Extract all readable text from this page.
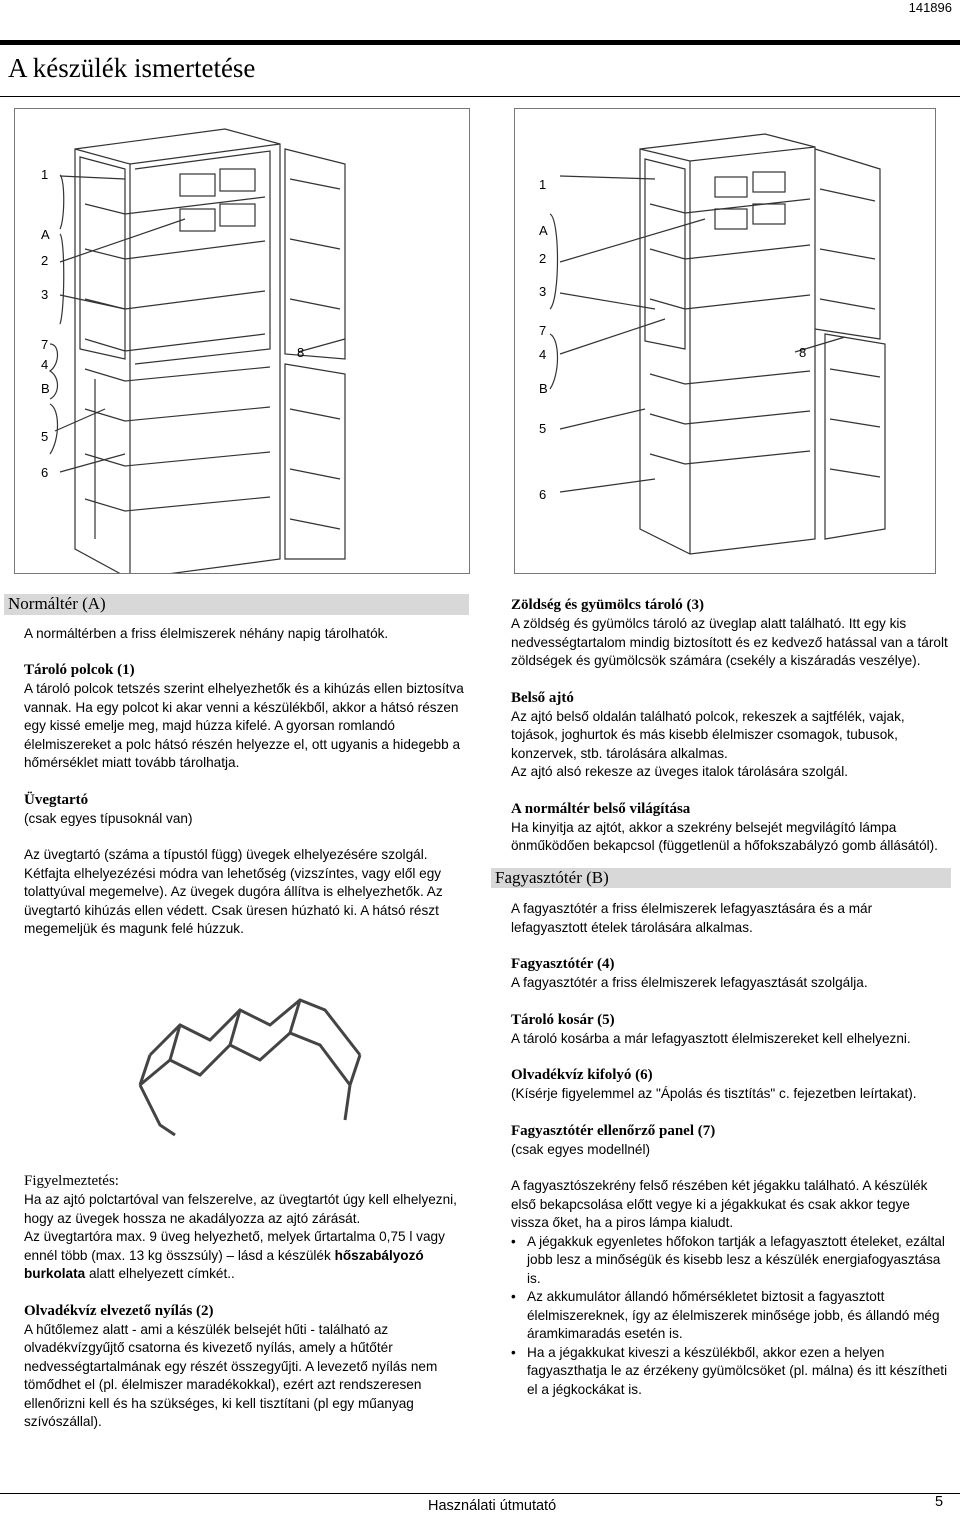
141896
A készülék ismertetése
1
A
2
3
7
4
B
5
6
8
1
A
2
3
7
4
B
5
6
8
Normáltér (A)

A normáltérben a friss élelmiszerek néhány napig tárolhatók.

Tároló polcok (1)

A tároló polcok tetszés szerint elhelyezhetők és a kihúzás ellen biztosítva vannak. Ha egy polcot ki akar venni a készülékből, akkor a hátsó részen egy kissé emelje meg, majd húzza kifelé. A gyorsan romlandó élelmiszereket a polc hátsó részén helyezze el, ott ugyanis a hidegebb a hőmérséklet miatt tovább tárolhatja.

Üvegtartó

(csak egyes típusoknál van)

Az üvegtartó (száma a típustól függ) üvegek elhelyezésére szolgál. Kétfajta elhelyezézési módra van lehetőség (vizszíntes, vagy elől egy tolattyúval megemelve). Az üvegek dugóra állítva is elhelyezhetők. Az üvegtartó kihúzás ellen védett. Csak üresen húzható ki. A hátsó részt megemeljük és magunk felé húzzuk.

Figyelmeztetés:

Ha az ajtó polctartóval van felszerelve, az üvegtartót úgy kell elhelyezni, hogy az üvegek hossza ne akadályozza az ajtó zárását.

Az üvegtartóra max. 9 üveg helyezhető, melyek űrtartalma 0,75 l vagy ennél több (max. 13 kg összsúly) – lásd a készülék hőszabályozó burkolata alatt elhelyezett címkét..

Olvadékvíz elvezető nyílás (2)

A hűtőlemez alatt - ami a készülék belsejét hűti - található az olvadékvízgyűjtő csatorna és kivezető nyílás, amely a hűtőtér nedvességtartalmának egy részét összegyűjti. A levezető nyílás nem tömődhet el (pl. élelmiszer maradékokkal), ezért azt rendszeresen ellenőrizni kell és ha szükséges, ki kell tisztítani (pl egy műanyag szívószállal).

Zöldség és gyümölcs tároló (3)

A zöldség és gyümölcs tároló az üveglap alatt található. Itt egy kis nedvességtartalom mindig biztosított és ez kedvező hatással van a tárolt zöldségek és gyümölcsök számára (csekély a kiszáradás veszélye).

Belső ajtó

Az ajtó belső oldalán található polcok, rekeszek a sajtfélék, vajak, tojások, joghurtok és más kisebb élelmiszer csomagok, tubusok, konzervek, stb. tárolására alkalmas.

Az ajtó alsó rekesze az üveges italok tárolására szolgál.

A normáltér belső világítása

Ha kinyitja az ajtót, akkor a szekrény belsejét megvilágító lámpa önműködően bekapcsol (függetlenül a hőfokszabályzó gomb állásától).

Fagyasztótér (B)

A fagyasztótér a friss élelmiszerek lefagyasztására és a már lefagyasztott ételek tárolására alkalmas.

Fagyasztótér (4)

A fagyasztótér a friss élelmiszerek lefagyasztását szolgálja.

Tároló kosár (5)

A tároló kosárba a már lefagyasztott élelmiszereket kell elhelyezni.

Olvadékvíz kifolyó (6)

(Kísérje figyelemmel az "Ápolás és tisztítás" c. fejezetben leírtakat).

Fagyasztótér ellenőrző panel (7)

(csak egyes modellnél)

A fagyasztószekrény felső részében két jégakku található. A készülék első bekapcsolása előtt vegye ki a jégakkukat és csak akkor tegye vissza őket, ha a piros lámpa kialudt.

• A jégakkuk egyenletes hőfokon tartják a lefagyasztott ételeket, ezáltal jobb lesz a minőségük és kisebb lesz a készülék energiafogyasztása is.

• Az akkumulátor állandó hőmérsékletet biztosit a fagyasztott élelmiszereknek, így az élelmiszerek minősége jobb, és állandó még áramkimaradás esetén is.

• Ha a jégakkukat kiveszi a készülékből, akkor ezen a helyen fagyaszthatja le az érzékeny gyümölcsöket (pl. málna) és itt készítheti el a jégkockákat is.

Használati útmutató	5
